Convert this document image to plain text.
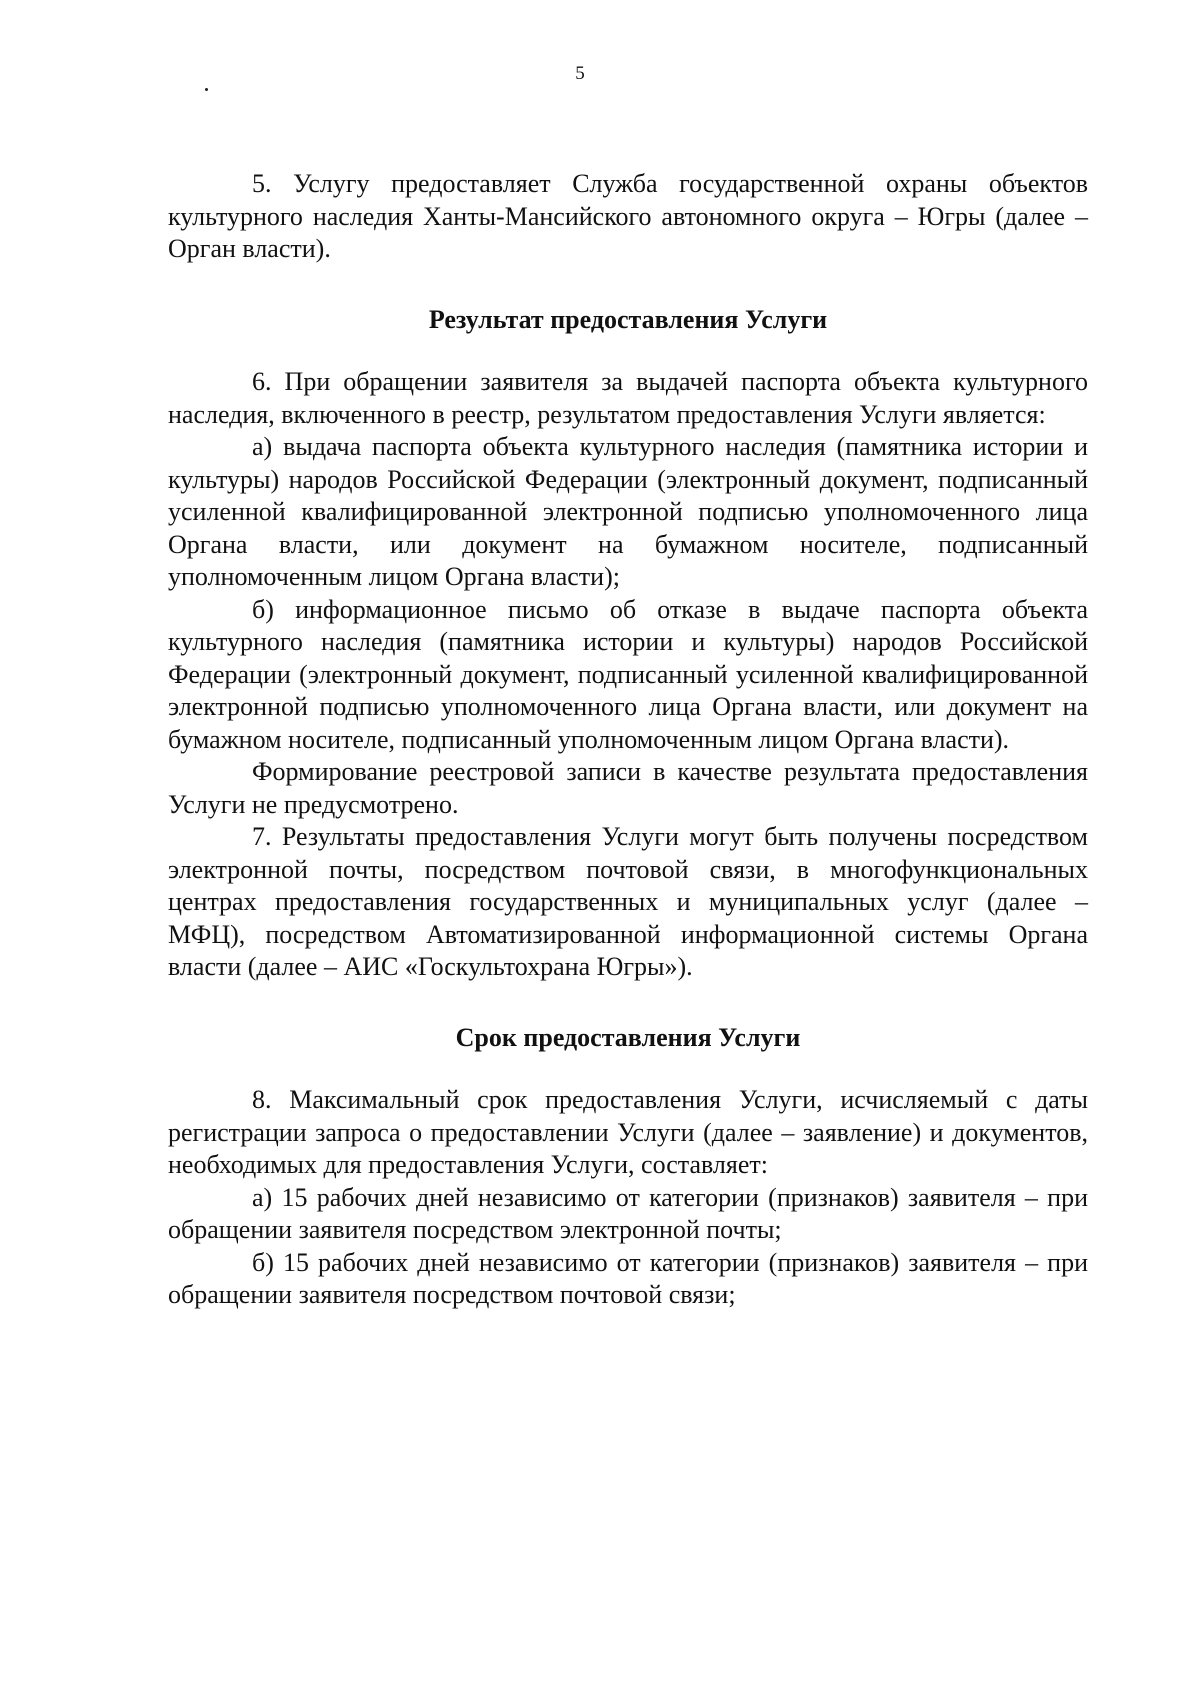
5

5. Услугу предоставляет Служба государственной охраны объектов культурного наследия Ханты-Мансийского автономного округа – Югры (далее – Орган власти).

Результат предоставления Услуги

6. При обращении заявителя за выдачей паспорта объекта культурного наследия, включенного в реестр, результатом предоставления Услуги является:

а) выдача паспорта объекта культурного наследия (памятника истории и культуры) народов Российской Федерации (электронный документ, подписанный усиленной квалифицированной электронной подписью уполномоченного лица Органа власти, или документ на бумажном носителе, подписанный уполномоченным лицом Органа власти);

б) информационное письмо об отказе в выдаче паспорта объекта культурного наследия (памятника истории и культуры) народов Российской Федерации (электронный документ, подписанный усиленной квалифицированной электронной подписью уполномоченного лица Органа власти, или документ на бумажном носителе, подписанный уполномоченным лицом Органа власти).

Формирование реестровой записи в качестве результата предоставления Услуги не предусмотрено.

7. Результаты предоставления Услуги могут быть получены посредством электронной почты, посредством почтовой связи, в многофункциональных центрах предоставления государственных и муниципальных услуг (далее – МФЦ), посредством Автоматизированной информационной системы Органа власти (далее – АИС «Госкультохрана Югры»).

Срок предоставления Услуги

8. Максимальный срок предоставления Услуги, исчисляемый с даты регистрации запроса о предоставлении Услуги (далее – заявление) и документов, необходимых для предоставления Услуги, составляет:

а) 15 рабочих дней независимо от категории (признаков) заявителя – при обращении заявителя посредством электронной почты;

б) 15 рабочих дней независимо от категории (признаков) заявителя – при обращении заявителя посредством почтовой связи;
